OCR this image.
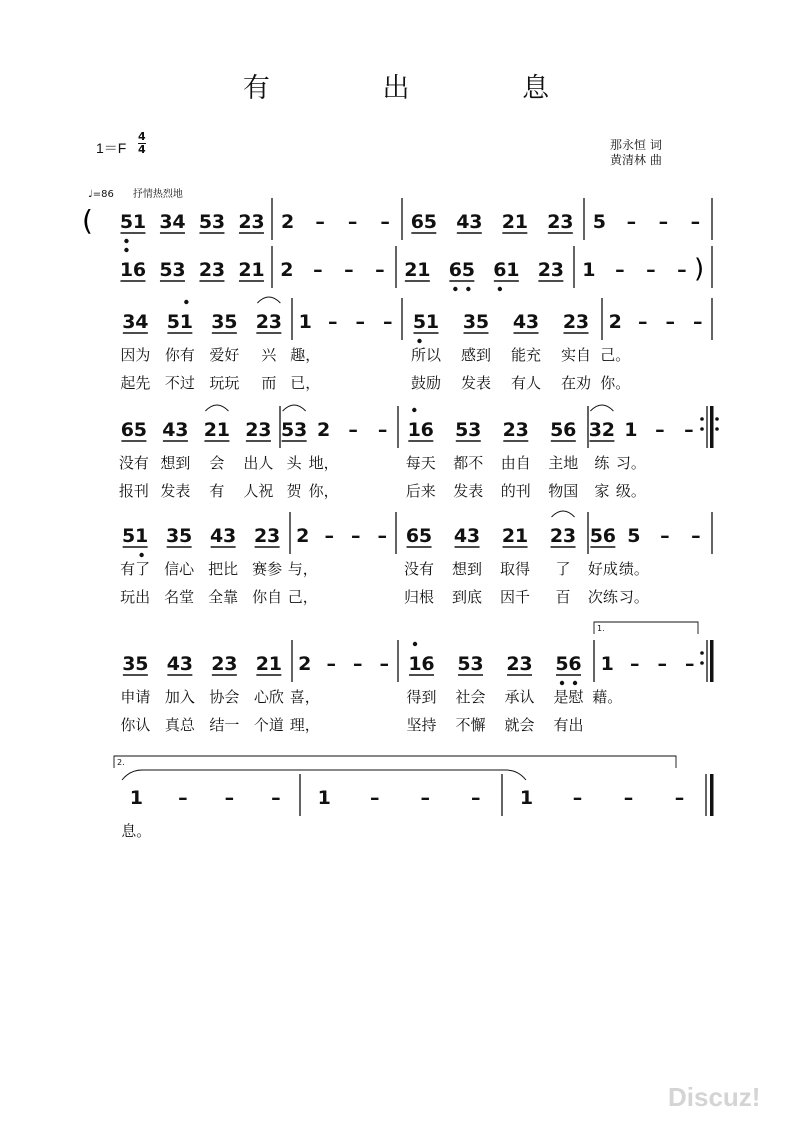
有 出 息
1＝F
4
4	那永恒 词
黄清林 曲
♩=86 抒情热烈地
( 5 1 3 4 5 3 2 3 2 – – – 6 5 4 3 2 1 2 3 5 – – –
)
1 6 5 3 2 3 2 1 2 – – – 2 1 6 5 6 1 2 3 1 – – –
3 4 5 1 3 5 2 3 1 – – – 5 1 3 5 4 3 2 3 2 – – –
因为 你有 爱好 兴 趣，	所以 感到 能充 实自 己。
起先 不过 玩玩 而 已，	鼓励 发表 有人 在劝 你。
6 5 4 3 2 1 2 3 5 3 2 – – 1 6 5 3 2 3 5 6 3 2 1 – –
没有 想到 会 出人 头 地，	每天 都不 由自 主地 练 习。
报刊 发表 有 人祝 贺 你，	后来 发表 的刊 物国 家 级。
5 1 3 5 4 3 2 3 2 – – – 6 5 4 3 2 1 2 3 5 6 5 – –
有了 信心 把比 赛参 与，	没有 想到 取得 了 好成 绩。
玩出 名堂 全靠 你自 己，	归根 到底 因千 百 次练 习。
1.
3 5 4 3 2 3 2 1 2 – – – 1 6 5 3 2 3 5 6 1 – – –
申请 加入 协会 心欣 喜，	得到 社会 承认 是慰 藉。
你认 真总 结一 个道 理，	坚持 不懈 就会 有出
2.
1 – – – 1 – – – 1 – – –
息。
Discuz!
